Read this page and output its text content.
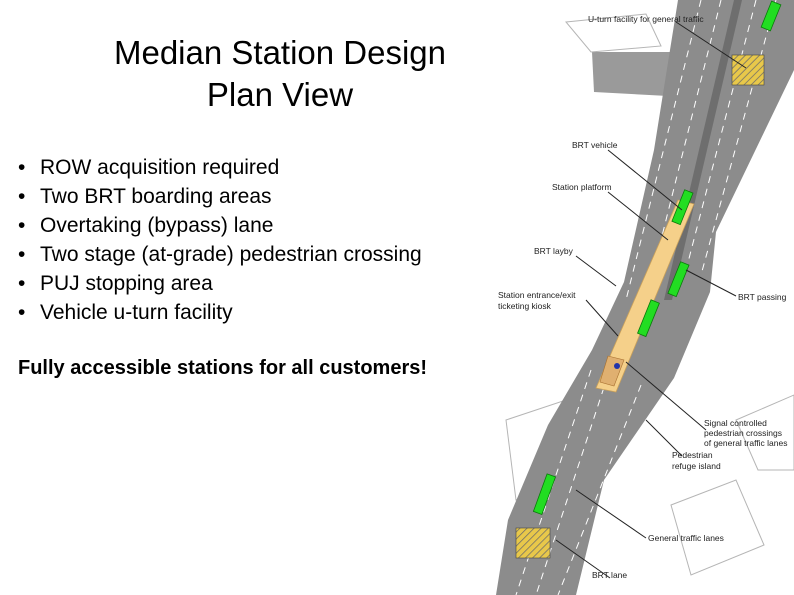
Median Station Design
Plan View
• ROW acquisition required
• Two BRT boarding areas
• Overtaking (bypass) lane
• Two stage (at-grade) pedestrian crossing
• PUJ stopping area
• Vehicle u-turn facility
Fully accessible stations for all customers!
U-turn facility for general traffic
BRT vehicle
Station platform
BRT layby
Station entrance/exit
ticketing kiosk
BRT passing
Signal controlled
pedestrian crossings
of general traffic lanes
Pedestrian
refuge island
General traffic lanes
BRT lane
